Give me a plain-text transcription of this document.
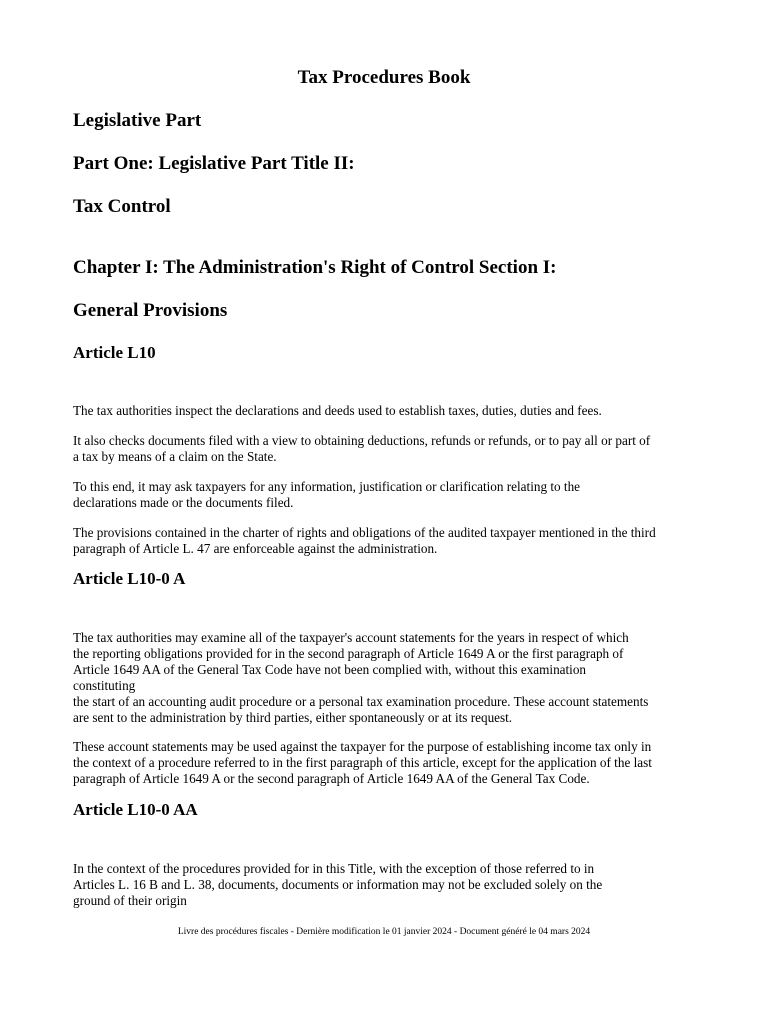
Tax Procedures Book
Legislative Part
Part One: Legislative Part Title II:
Tax Control
Chapter I: The Administration's Right of Control Section I:
General Provisions
Article L10

The tax authorities inspect the declarations and deeds used to establish taxes, duties, duties and fees.

It also checks documents filed with a view to obtaining deductions, refunds or refunds, or to pay all or part of
a tax by means of a claim on the State.

To this end, it may ask taxpayers for any information, justification or clarification relating to the
declarations made or the documents filed.

The provisions contained in the charter of rights and obligations of the audited taxpayer mentioned in the third
paragraph of Article L. 47 are enforceable against the administration.

Article L10-0 A

The tax authorities may examine all of the taxpayer's account statements for the years in respect of which
the reporting obligations provided for in the second paragraph of Article 1649 A or the first paragraph of
Article 1649 AA of the General Tax Code have not been complied with, without this examination
constituting
the start of an accounting audit procedure or a personal tax examination procedure. These account statements
are sent to the administration by third parties, either spontaneously or at its request.

These account statements may be used against the taxpayer for the purpose of establishing income tax only in
the context of a procedure referred to in the first paragraph of this article, except for the application of the last
paragraph of Article 1649 A or the second paragraph of Article 1649 AA of the General Tax Code.

Article L10-0 AA

In the context of the procedures provided for in this Title, with the exception of those referred to in
Articles L. 16 B and L. 38, documents, documents or information may not be excluded solely on the
ground of their origin

Livre des procédures fiscales - Dernière modification le 01 janvier 2024 - Document généré le 04 mars 2024
